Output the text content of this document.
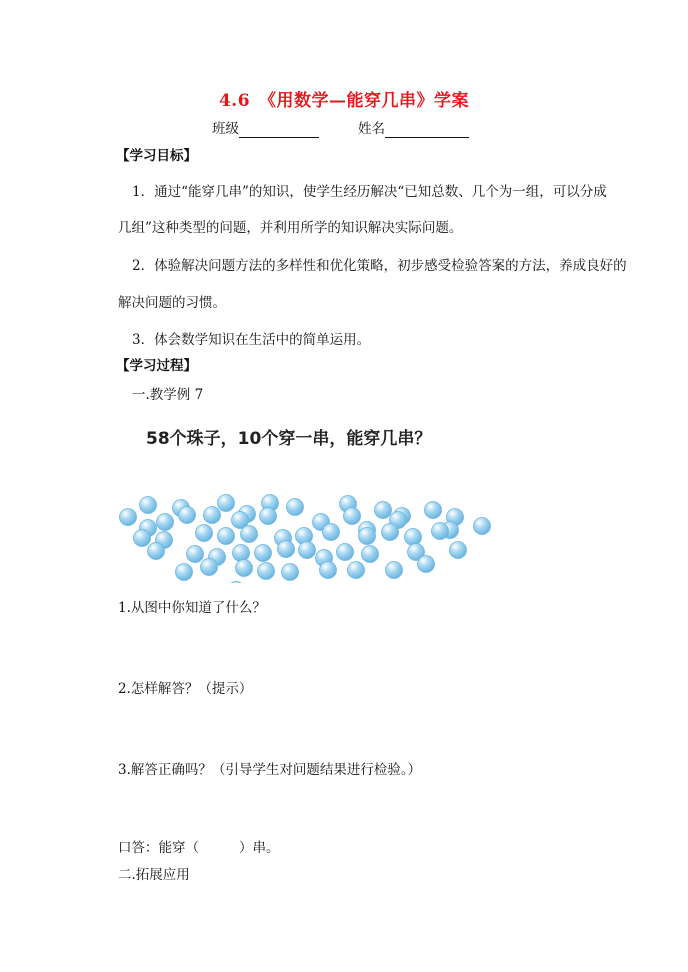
4.6　《用数学—能穿几串》学案
班级	姓名
【学习目标】
1．通过“能穿几串”的知识，使学生经历解决“已知总数、几个为一组，可以分成
几组”这种类型的问题，并利用所学的知识解决实际问题。
2．体验解决问题方法的多样性和优化策略，初步感受检验答案的方法，养成良好的
解决问题的习惯。
3．体会数学知识在生活中的简单运用。
【学习过程】
一.教学例 7
58个珠子，10个穿一串，能穿几串？
1.从图中你知道了什么？
2.怎样解答？（提示）
3.解答正确吗？（引导学生对问题结果进行检验。）
口答：能穿（	）串。
二.拓展应用
